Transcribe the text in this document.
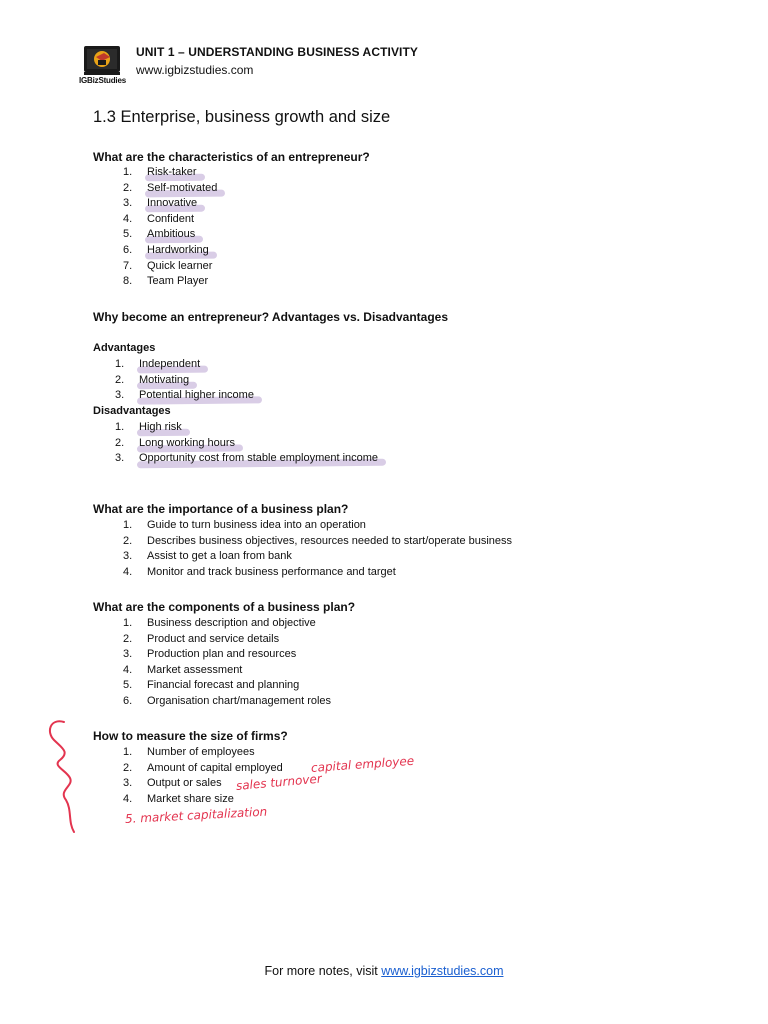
IGBizStudies
UNIT 1 – UNDERSTANDING BUSINESS ACTIVITY
www.igbizstudies.com
1.3 Enterprise, business growth and size
What are the characteristics of an entrepreneur?
1. Risk-taker
2. Self-motivated
3. Innovative
4. Confident
5. Ambitious
6. Hardworking
7. Quick learner
8. Team Player
Why become an entrepreneur? Advantages vs. Disadvantages
Advantages
1. Independent
2. Motivating
3. Potential higher income
Disadvantages
1. High risk
2. Long working hours
3. Opportunity cost from stable employment income
What are the importance of a business plan?
1. Guide to turn business idea into an operation
2. Describes business objectives, resources needed to start/operate business
3. Assist to get a loan from bank
4. Monitor and track business performance and target
What are the components of a business plan?
1. Business description and objective
2. Product and service details
3. Production plan and resources
4. Market assessment
5. Financial forecast and planning
6. Organisation chart/management roles
How to measure the size of firms?
1. Number of employees
2. Amount of capital employed
3. Output or sales
4. Market share size
capital employee
sales turnover
5. market capitalization
For more notes, visit www.igbizstudies.com
